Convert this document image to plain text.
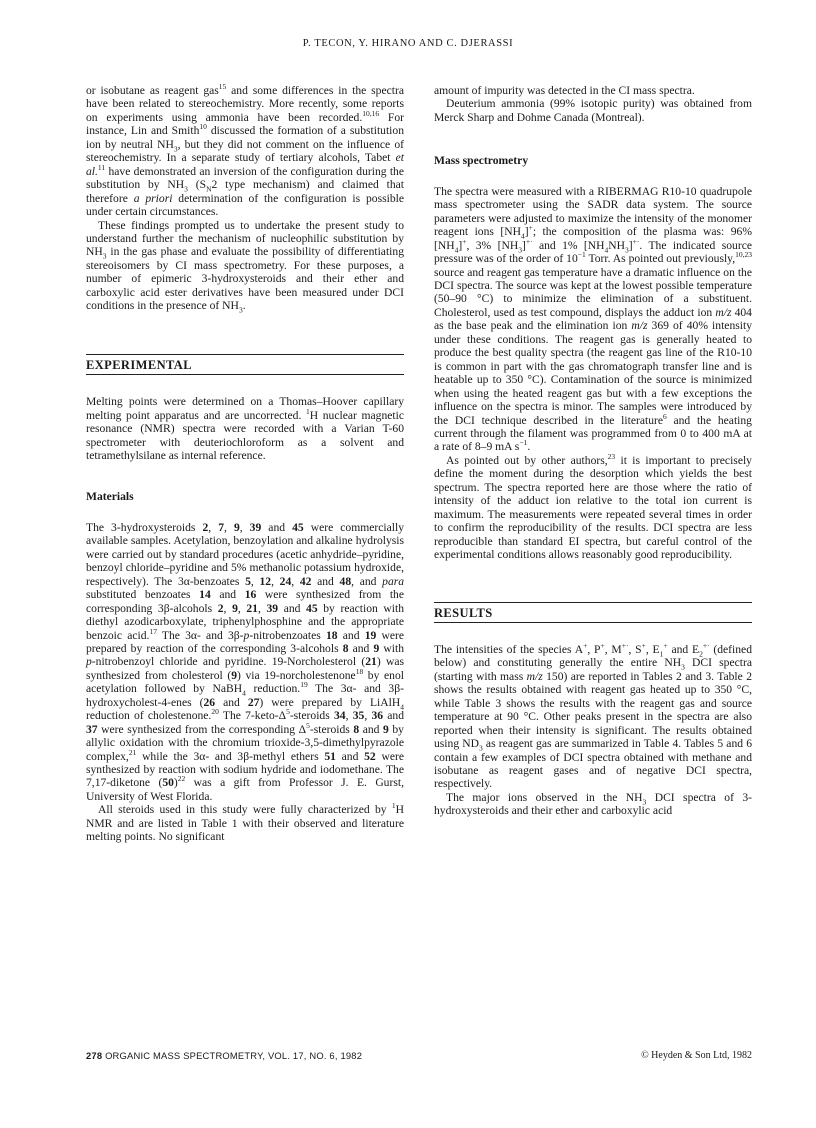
P. TECON, Y. HIRANO AND C. DJERASSI

or isobutane as reagent gas$^{15}$ and some differences in the spectra have been related to stereochemistry. More recently, some reports on experiments using ammonia have been recorded.$^{10,16}$ For instance, Lin and Smith$^{10}$ discussed the formation of a substitution ion by neutral $NH_3$, but they did not comment on the influence of stereochemistry. In a separate study of tertiary alcohols, Tabet et al.$^{11}$ have demonstrated an inversion of the configuration during the substitution by $NH_3$ ($S_N2$ type mechanism) and claimed that therefore a priori determination of the configuration is possible under certain circumstances.

These findings prompted us to undertake the present study to understand further the mechanism of nucleophilic substitution by $NH_3$ in the gas phase and evaluate the possibility of differentiating stereoisomers by CI mass spectrometry. For these purposes, a number of epimeric 3-hydroxysteroids and their ether and carboxylic acid ester derivatives have been measured under DCI conditions in the presence of $NH_3$.

EXPERIMENTAL

Melting points were determined on a Thomas–Hoover capillary melting point apparatus and are uncorrected. $^1$H nuclear magnetic resonance (NMR) spectra were recorded with a Varian T-60 spectrometer with deuteriochloroform as a solvent and tetramethylsilane as internal reference.

Materials

The 3-hydroxysteroids 2, 7, 9, 39 and 45 were commercially available samples. Acetylation, benzoylation and alkaline hydrolysis were carried out by standard procedures (acetic anhydride–pyridine, benzoyl chloride–pyridine and 5% methanolic potassium hydroxide, respectively). The 3α-benzoates 5, 12, 24, 42 and 48, and para substituted benzoates 14 and 16 were synthesized from the corresponding 3β-alcohols 2, 9, 21, 39 and 45 by reaction with diethyl azodicarboxylate, triphenylphosphine and the appropriate benzoic acid.$^{17}$ The 3α- and 3β-p-nitrobenzoates 18 and 19 were prepared by reaction of the corresponding 3-alcohols 8 and 9 with p-nitrobenzoyl chloride and pyridine. 19-Norcholesterol (21) was synthesized from cholesterol (9) via 19-norcholestenone$^{18}$ by enol acetylation followed by NaBH$_4$ reduction.$^{19}$ The 3α- and 3β-hydroxycholest-4-enes (26 and 27) were prepared by LiAlH$_4$ reduction of cholestenone.$^{20}$ The $7-keto-\Delta^5$-steroids 34, 35, 36 and 37 were synthesized from the corresponding $\Delta^5$-steroids 8 and 9 by allylic oxidation with the chromium trioxide-3,5-dimethylpyrazole complex,$^{21}$ while the 3α- and 3β-methyl ethers 51 and 52 were synthesized by reaction with sodium hydride and iodomethane. The 7,17-diketone $(50)^{22}$ was a gift from Professor J. E. Gurst, University of West Florida.

All steroids used in this study were fully characterized by $^1$H NMR and are listed in Table 1 with their observed and literature melting points. No significant

amount of impurity was detected in the CI mass spectra.

Deuterium ammonia (99% isotopic purity) was obtained from Merck Sharp and Dohme Canada (Montreal).

Mass spectrometry

The spectra were measured with a RIBERMAG R10-10 quadrupole mass spectrometer using the SADR data system. The source parameters were adjusted to maximize the intensity of the monomer reagent ions $[NH_4]^+$; the composition of the plasma was: 96% $[NH_4]^+$, 3% $[NH_3]^{+\cdot}$ and 1% $[NH_4NH_3]^{+\cdot}$. The indicated source pressure was of the order of $10^{-1}$ Torr. As pointed out previously,$^{10,23}$ source and reagent gas temperature have a dramatic influence on the DCI spectra. The source was kept at the lowest possible temperature (50–90 °C) to minimize the elimination of a substituent. Cholesterol, used as test compound, displays the adduct ion m/z 404 as the base peak and the elimination ion m/z 369 of 40% intensity under these conditions. The reagent gas is generally heated to produce the best quality spectra (the reagent gas line of the R10-10 is common in part with the gas chromatograph transfer line and is heatable up to 350 °C). Contamination of the source is minimized when using the heated reagent gas but with a few exceptions the influence on the spectra is minor. The samples were introduced by the DCI technique described in the literature$^6$ and the heating current through the filament was programmed from 0 to 400 mA at a rate of 8–9 mA $s^{-1}$.

As pointed out by other authors,$^{23}$ it is important to precisely define the moment during the desorption which yields the best spectrum. The spectra reported here are those where the ratio of intensity of the adduct ion relative to the total ion current is maximum. The measurements were repeated several times in order to confirm the reproducibility of the results. DCI spectra are less reproducible than standard EI spectra, but careful control of the experimental conditions allows reasonably good reproducibility.

RESULTS

The intensities of the species A+, P+, M+·, S+, $E_1^+$ and $E_2^{+\cdot}$ (defined below) and constituting generally the entire $NH_3$ DCI spectra (starting with mass m/z 150) are reported in Tables 2 and 3. Table 2 shows the results obtained with reagent gas heated up to 350 °C, while Table 3 shows the results with the reagent gas and source temperature at 90 °C. Other peaks present in the spectra are also reported when their intensity is significant. The results obtained using $ND_3$ as reagent gas are summarized in Table 4. Tables 5 and 6 contain a few examples of DCI spectra obtained with methane and isobutane as reagent gases and of negative DCI spectra, respectively.

The major ions observed in the $NH_3$ DCI spectra of 3-hydroxysteroids and their ether and carboxylic acid

278 ORGANIC MASS SPECTROMETRY, VOL. 17, NO. 6, 1982	© Heyden & Son Ltd, 1982
